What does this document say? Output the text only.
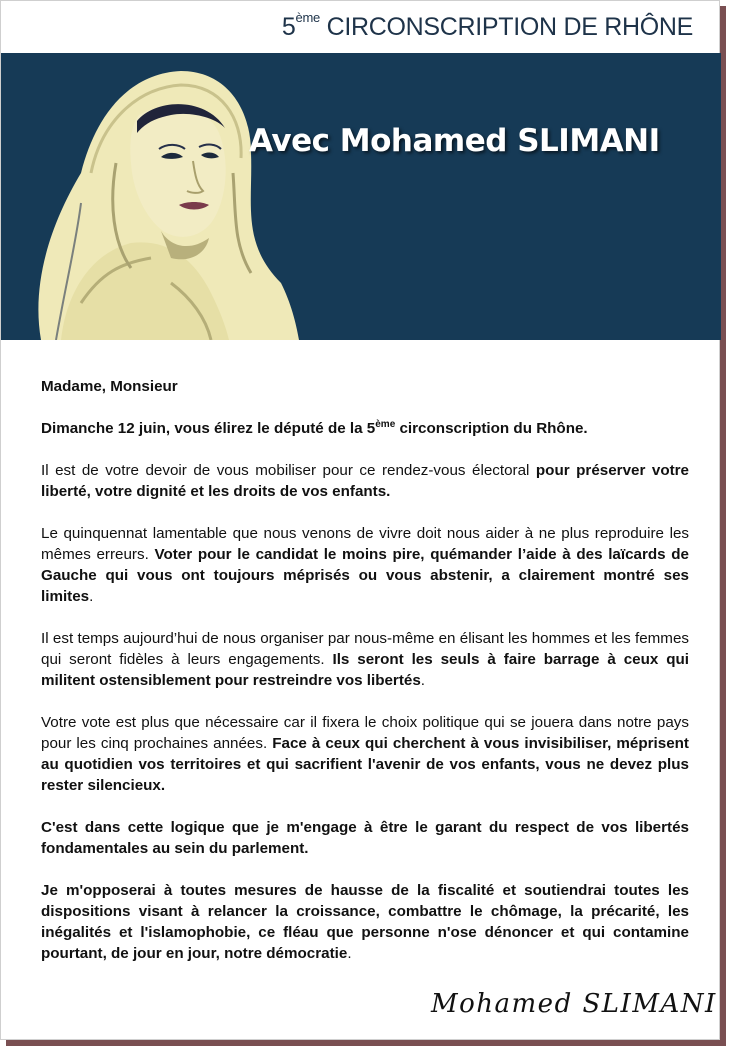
5ème CIRCONSCRIPTION DE RHÔNE
Avec Mohamed SLIMANI

Madame, Monsieur

Dimanche 12 juin, vous élirez le député de la 5ème circonscription du Rhône.

Il est de votre devoir de vous mobiliser pour ce rendez-vous électoral pour préserver votre liberté, votre dignité et les droits de vos enfants.

Le quinquennat lamentable que nous venons de vivre doit nous aider à ne plus reproduire les mêmes erreurs. Voter pour le candidat le moins pire, quémander l’aide à des laïcards de Gauche qui vous ont toujours méprisés ou vous abstenir, a clairement montré ses limites.

Il est temps aujourd’hui de nous organiser par nous-même en élisant les hommes et les femmes qui seront fidèles à leurs engagements. Ils seront les seuls à faire barrage à ceux qui militent ostensiblement pour restreindre vos libertés.

Votre vote est plus que nécessaire car il fixera le choix politique qui se jouera dans notre pays pour les cinq prochaines années. Face à ceux qui cherchent à vous invisibiliser, méprisent au quotidien vos territoires et qui sacrifient l'avenir de vos enfants, vous ne devez plus rester silencieux.

C'est dans cette logique que je m'engage à être le garant du respect de vos libertés fondamentales au sein du parlement.

Je m'opposerai à toutes mesures de hausse de la fiscalité et soutiendrai toutes les dispositions visant à relancer la croissance, combattre le chômage, la précarité, les inégalités et l'islamophobie, ce fléau que personne n'ose dénoncer et qui contamine pourtant, de jour en jour, notre démocratie.

Mohamed SLIMANI
